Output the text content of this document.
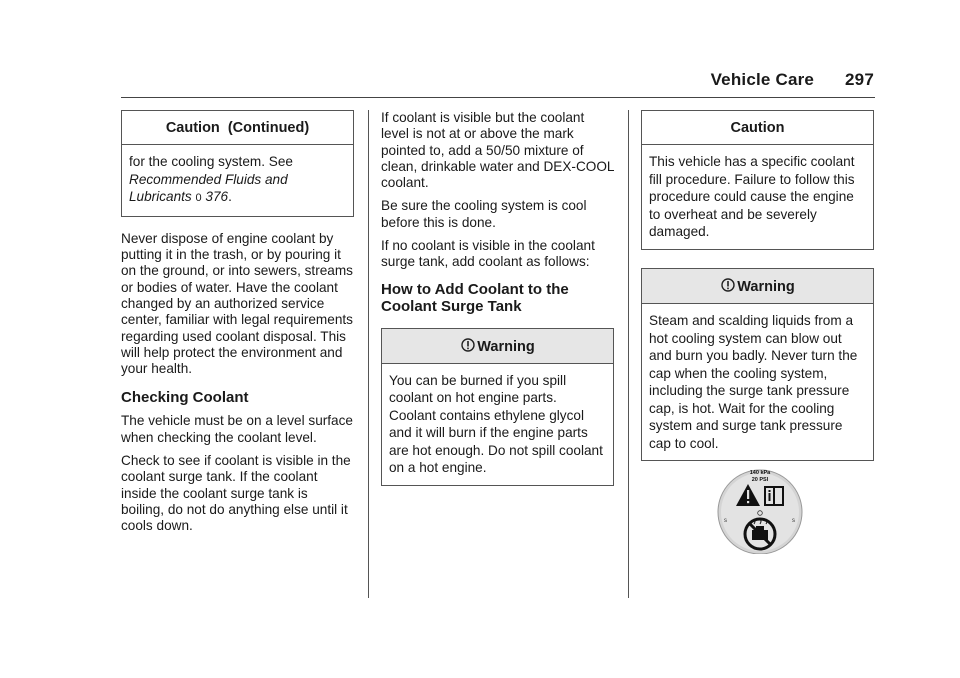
Vehicle Care 297
Caution  (Continued)

for the cooling system. See
Recommended Fluids and Lubricants 0 376.

Never dispose of engine coolant by putting it in the trash, or by pouring it on the ground, or into sewers, streams or bodies of water. Have the coolant changed by an authorized service center, familiar with legal requirements regarding used coolant disposal. This will help protect the environment and your health.

Checking Coolant

The vehicle must be on a level surface when checking the coolant level.

Check to see if coolant is visible in the coolant surge tank. If the coolant inside the coolant surge tank is boiling, do not do anything else until it cools down.

If coolant is visible but the coolant level is not at or above the mark pointed to, add a 50/50 mixture of clean, drinkable water and DEX-COOL coolant.

Be sure the cooling system is cool before this is done.

If no coolant is visible in the coolant surge tank, add coolant as follows:

How to Add Coolant to the Coolant Surge Tank
Warning

You can be burned if you spill coolant on hot engine parts. Coolant contains ethylene glycol and it will burn if the engine parts are hot enough. Do not spill coolant on a hot engine.

Caution

This vehicle has a specific coolant fill procedure. Failure to follow this procedure could cause the engine to overheat and be severely damaged.

Warning

Steam and scalding liquids from a hot cooling system can blow out and burn you badly. Never turn the cap when the cooling system, including the surge tank pressure cap, is hot. Wait for the cooling system and surge tank pressure cap to cool.

140 kPa
20 PSI
s	s
